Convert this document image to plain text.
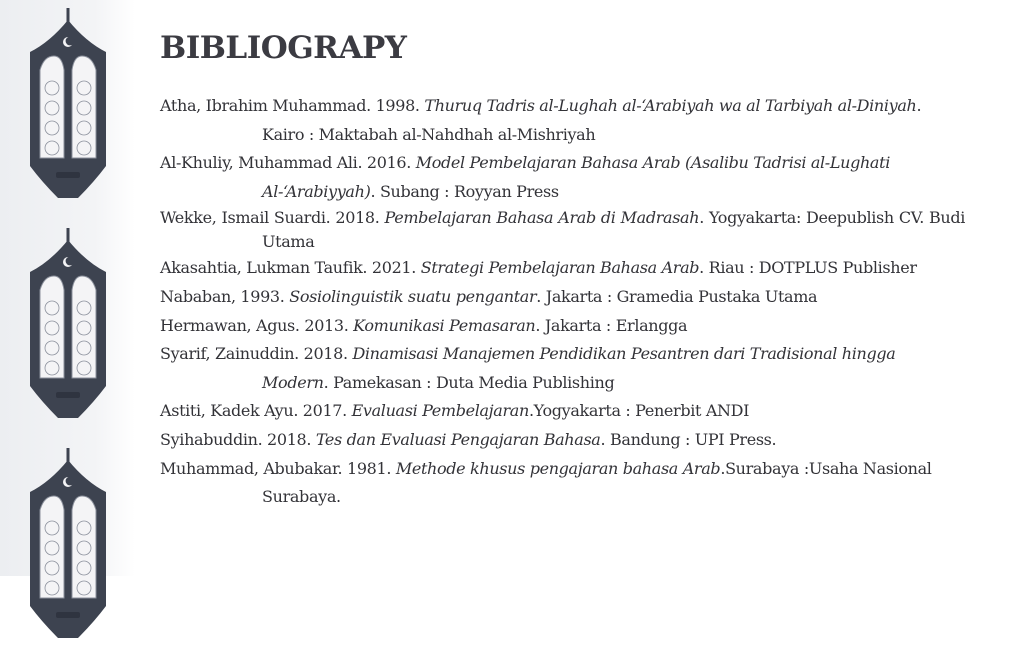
BIBLIOGRAPY

Atha, Ibrahim Muhammad. 1998. Thuruq Tadris al-Lughah al-‘Arabiyah wa al Tarbiyah al-Diniyah. Kairo : Maktabah al-Nahdhah al-Mishriyah

Al-Khuliy, Muhammad Ali. 2016. Model Pembelajaran Bahasa Arab (Asalibu Tadrisi al-Lughati Al-‘Arabiyyah). Subang : Royyan Press

Wekke, Ismail Suardi. 2018. Pembelajaran Bahasa Arab di Madrasah. Yogyakarta: Deepublish CV. Budi Utama

Akasahtia, Lukman Taufik. 2021. Strategi Pembelajaran Bahasa Arab. Riau : DOTPLUS Publisher

Nababan, 1993. Sosiolinguistik suatu pengantar. Jakarta : Gramedia Pustaka Utama

Hermawan, Agus. 2013. Komunikasi Pemasaran. Jakarta : Erlangga

Syarif, Zainuddin. 2018. Dinamisasi Manajemen Pendidikan Pesantren dari Tradisional hingga Modern. Pamekasan : Duta Media Publishing

Astiti, Kadek Ayu. 2017. Evaluasi Pembelajaran.Yogyakarta : Penerbit ANDI

Syihabuddin. 2018. Tes dan Evaluasi Pengajaran Bahasa. Bandung : UPI Press.

Muhammad, Abubakar. 1981. Methode khusus pengajaran bahasa Arab.Surabaya :Usaha Nasional Surabaya.
